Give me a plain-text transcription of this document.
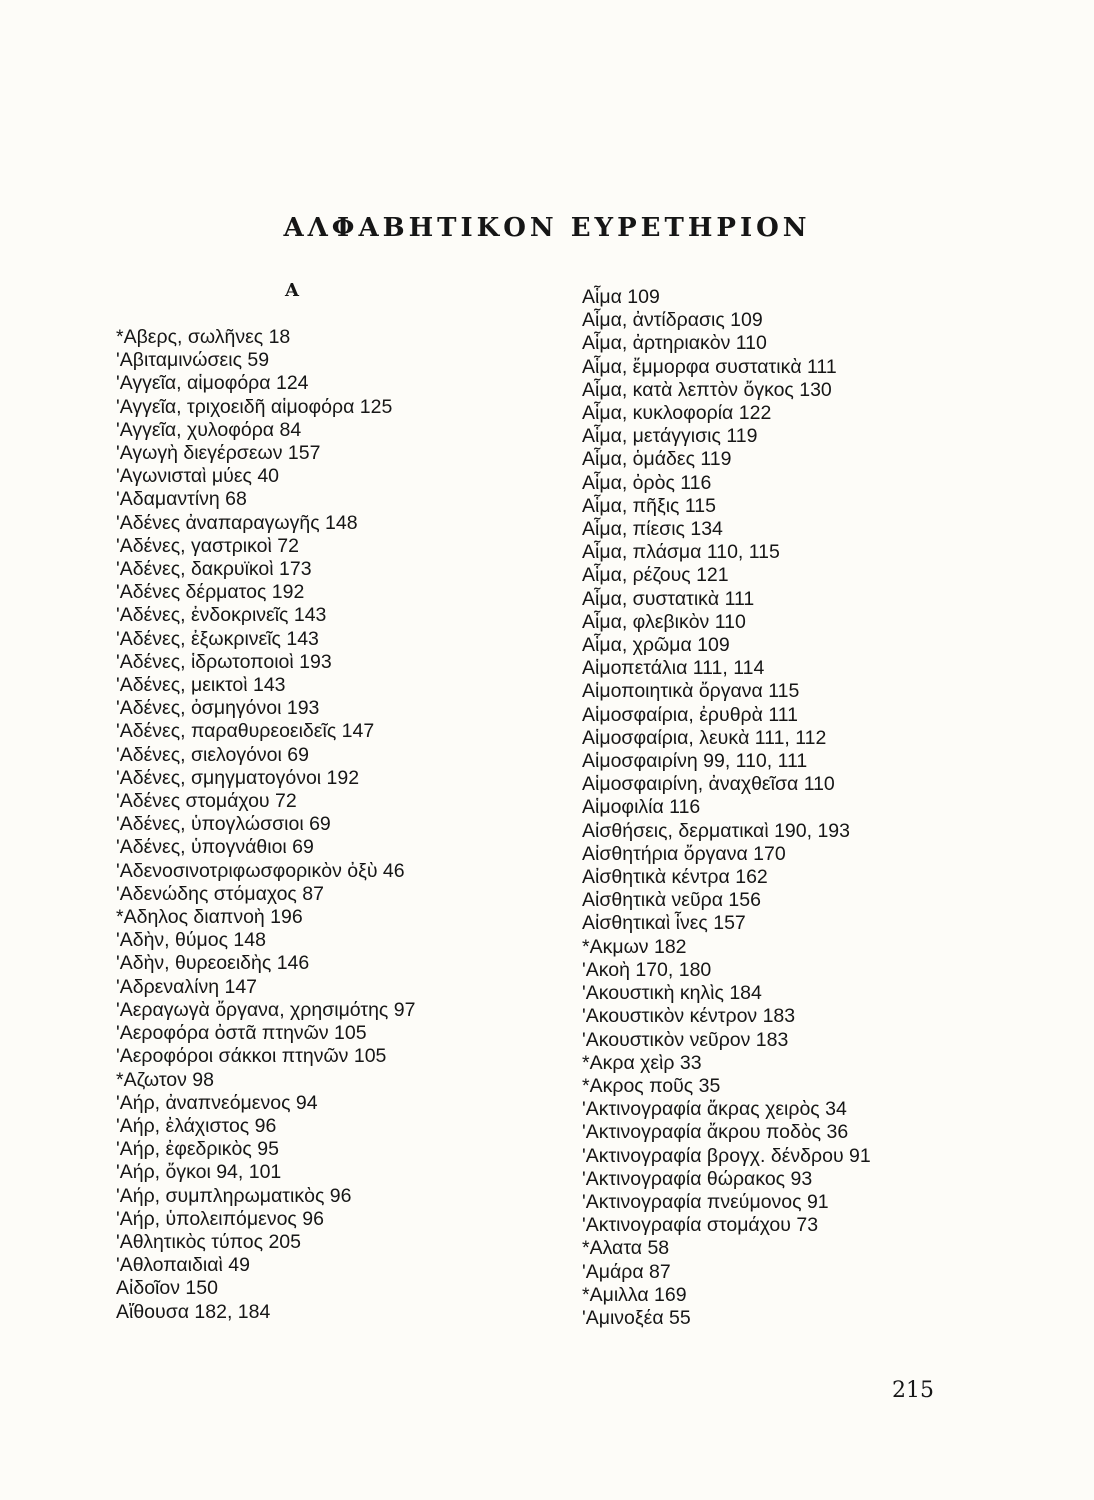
ΑΛΦΑΒΗΤΙΚΟΝ ΕΥΡΕΤΗΡΙΟΝ
Α
*Αβερς, σωλῆνες 18
'Αβιταμινώσεις 59
'Αγγεῖα, αἱμοφόρα 124
'Αγγεῖα, τριχοειδῆ αἱμοφόρα 125
'Αγγεῖα, χυλοφόρα 84
'Αγωγὴ διεγέρσεων 157
'Αγωνισταὶ μύες 40
'Αδαμαντίνη 68
'Αδένες ἀναπαραγωγῆς 148
'Αδένες, γαστρικοὶ 72
'Αδένες, δακρυϊκοὶ 173
'Αδένες δέρματος 192
'Αδένες, ἐνδοκρινεῖς 143
'Αδένες, ἐξωκρινεῖς 143
'Αδένες, ἱδρωτοποιοὶ 193
'Αδένες, μεικτοὶ 143
'Αδένες, ὀσμηγόνοι 193
'Αδένες, παραθυρεοειδεῖς 147
'Αδένες, σιελογόνοι 69
'Αδένες, σμηγματογόνοι 192
'Αδένες στομάχου 72
'Αδένες, ὑπογλώσσιοι 69
'Αδένες, ὑπογνάθιοι 69
'Αδενοσινοτριφωσφορικὸν ὀξὺ 46
'Αδενώδης στόμαχος 87
*Αδηλος διαπνοὴ 196
'Αδὴν, θύμος 148
'Αδὴν, θυρεοειδὴς 146
'Αδρεναλίνη 147
'Αεραγωγὰ ὄργανα, χρησιμότης 97
'Αεροφόρα ὀστᾶ πτηνῶν 105
'Αεροφόροι σάκκοι πτηνῶν 105
*Αζωτον 98
'Αήρ, ἀναπνεόμενος 94
'Αήρ, ἐλάχιστος 96
'Αήρ, ἐφεδρικὸς 95
'Αήρ, ὄγκοι 94, 101
'Αήρ, συμπληρωματικὸς 96
'Αήρ, ὑπολειπόμενος 96
'Αθλητικὸς τύπος 205
'Αθλοπαιδιαὶ 49
Αἰδοῖον 150
Αἴθουσα 182, 184
Αἷμα 109
Αἷμα, ἀντίδρασις 109
Αἷμα, ἀρτηριακὸν 110
Αἷμα, ἔμμορφα συστατικὰ 111
Αἷμα, κατὰ λεπτὸν ὄγκος 130
Αἷμα, κυκλοφορία 122
Αἷμα, μετάγγισις 119
Αἷμα, ὁμάδες 119
Αἷμα, ὀρὸς 116
Αἷμα, πῆξις 115
Αἷμα, πίεσις 134
Αἷμα, πλάσμα 110, 115
Αἷμα, ρέζους 121
Αἷμα, συστατικὰ 111
Αἷμα, φλεβικὸν 110
Αἷμα, χρῶμα 109
Αἱμοπετάλια 111, 114
Αἱμοποιητικὰ ὄργανα 115
Αἱμοσφαίρια, ἐρυθρὰ 111
Αἱμοσφαίρια, λευκὰ 111, 112
Αἱμοσφαιρίνη 99, 110, 111
Αἱμοσφαιρίνη, ἀναχθεῖσα 110
Αἱμοφιλία 116
Αἰσθήσεις, δερματικαὶ 190, 193
Αἰσθητήρια ὄργανα 170
Αἰσθητικὰ κέντρα 162
Αἰσθητικὰ νεῦρα 156
Αἰσθητικαὶ ἶνες 157
*Ακμων 182
'Ακοὴ 170, 180
'Ακουστικὴ κηλὶς 184
'Ακουστικὸν κέντρον 183
'Ακουστικὸν νεῦρον 183
*Ακρα χεὶρ 33
*Ακρος ποῦς 35
'Ακτινογραφία ἄκρας χειρὸς 34
'Ακτινογραφία ἄκρου ποδὸς 36
'Ακτινογραφία βρογχ. δένδρου 91
'Ακτινογραφία θώρακος 93
'Ακτινογραφία πνεύμονος 91
'Ακτινογραφία στομάχου 73
*Αλατα 58
'Αμάρα 87
*Αμιλλα 169
'Αμινοξέα 55

215
